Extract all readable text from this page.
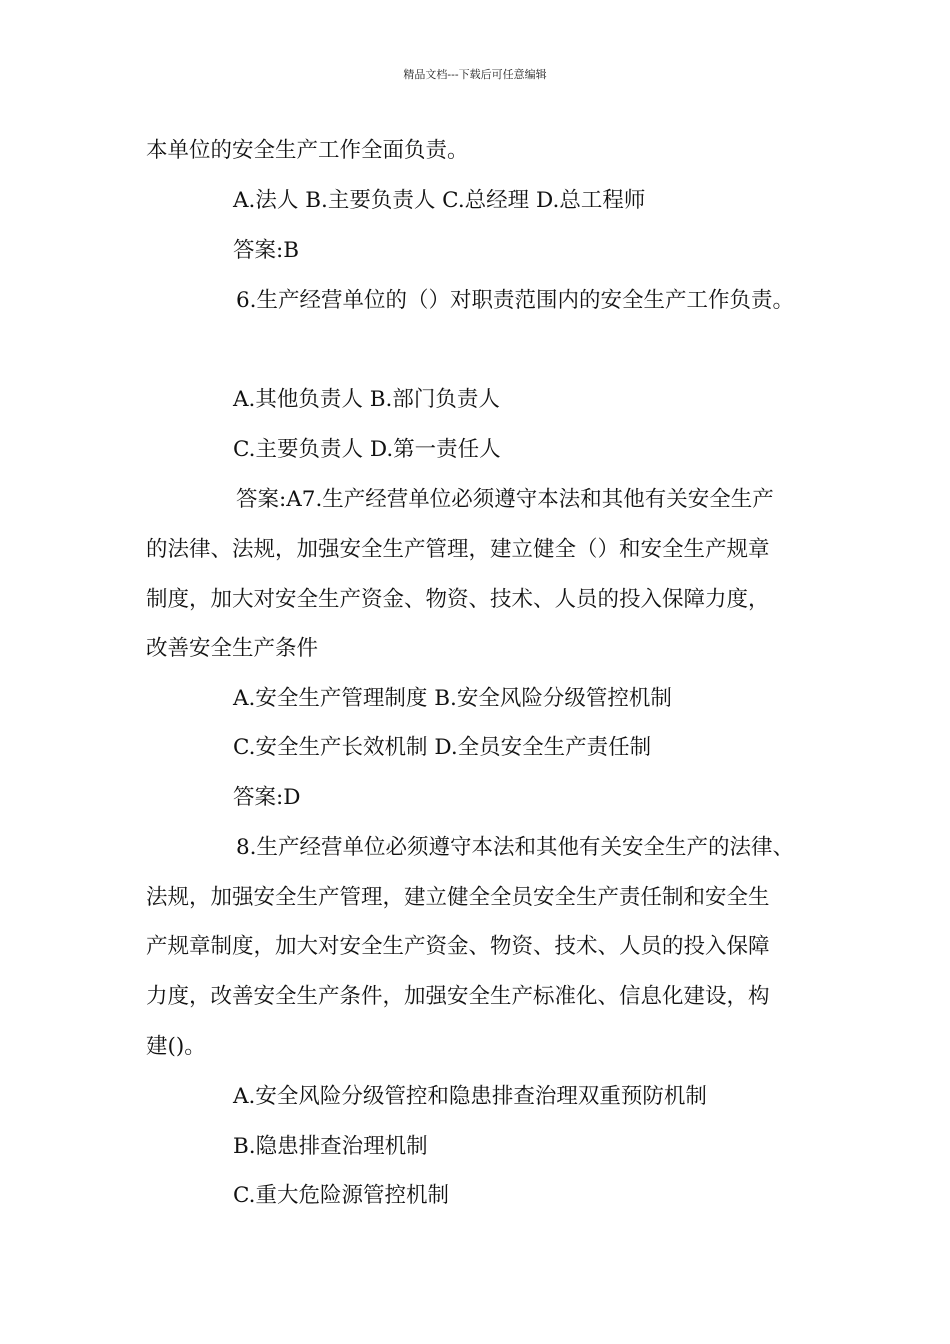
精品文档---下载后可任意编辑
本单位的安全生产工作全面负责。
A.法人 B.主要负责人 C.总经理 D.总工程师
答案:B
6.生产经营单位的（）对职责范围内的安全生产工作负责。
A.其他负责人 B.部门负责人
C.主要负责人 D.第一责任人
答案:A7.生产经营单位必须遵守本法和其他有关安全生产
的法律、法规，加强安全生产管理，建立健全（）和安全生产规章
制度，加大对安全生产资金、物资、技术、人员的投入保障力度，
改善安全生产条件
A.安全生产管理制度 B.安全风险分级管控机制
C.安全生产长效机制 D.全员安全生产责任制
答案:D
8.生产经营单位必须遵守本法和其他有关安全生产的法律、
法规，加强安全生产管理，建立健全全员安全生产责任制和安全生
产规章制度，加大对安全生产资金、物资、技术、人员的投入保障
力度，改善安全生产条件，加强安全生产标准化、信息化建设，构
建()。
A.安全风险分级管控和隐患排查治理双重预防机制
B.隐患排查治理机制
C.重大危险源管控机制
